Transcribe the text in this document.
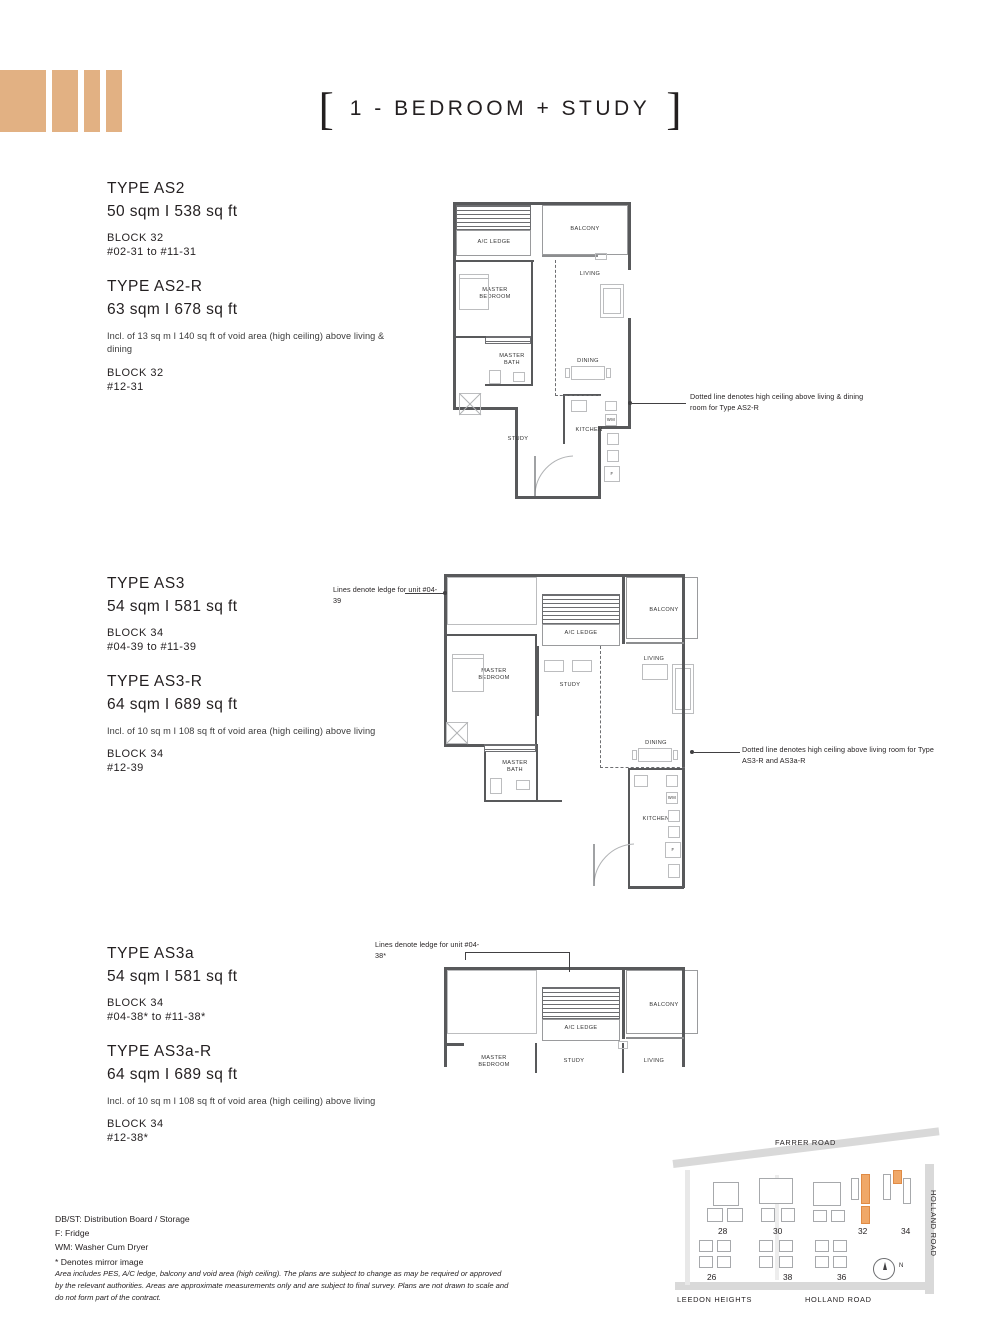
[ 1 - BEDROOM + STUDY ]

TYPE AS2

50 sqm I 538 sq ft

BLOCK 32

#02-31 to #11-31

TYPE AS2-R

63 sqm I 678 sq ft

Incl. of 13 sq m I 140 sq ft of void area (high ceiling) above living & dining

BLOCK 32

#12-31

TYPE AS3

54 sqm I 581 sq ft

BLOCK 34

#04-39 to #11-39

TYPE AS3-R

64 sqm I 689 sq ft

Incl. of 10 sq m I 108 sq ft of void area (high ceiling) above living

BLOCK 34

#12-39

TYPE AS3a

54 sqm I 581 sq ft

BLOCK 34

#04-38* to #11-38*

TYPE AS3a-R

64 sqm I 689 sq ft

Incl. of 10 sq m I 108 sq ft of void area (high ceiling) above living

BLOCK 34

#12-38*

A/C LEDGE
BALCONY
LIVING
MASTER
BEDROOM
MASTER
BATH
STUDY
DINING
KITCHEN
WM
F
Dotted line denotes high ceiling above living & dining room for Type AS2-R
A/C LEDGE
BALCONY
LIVING
MASTER
BEDROOM
STUDY
MASTER
BATH
DINING
KITCHEN
WM
F
Lines denote ledge for unit #04-39
Dotted line denotes high ceiling above living room for Type AS3-R and AS3a-R
A/C LEDGE
BALCONY
MASTER
BEDROOM
STUDY	LIVING
Lines denote ledge for unit #04-38*
DB/ST: Distribution Board / Storage
F: Fridge
WM: Washer Cum Dryer
* Denotes mirror image
Area includes PES, A/C ledge, balcony and void area (high ceiling). The plans are subject to change as may be required or approved by the relevant authorities. Areas are approximate measurements only and are subject to final survey. Plans are not drawn to scale and do not form part of the contract.
FARRER ROAD
HOLLAND ROAD
LEEDON HEIGHTS	HOLLAND ROAD
28	30	32	34
26	38	36
N
